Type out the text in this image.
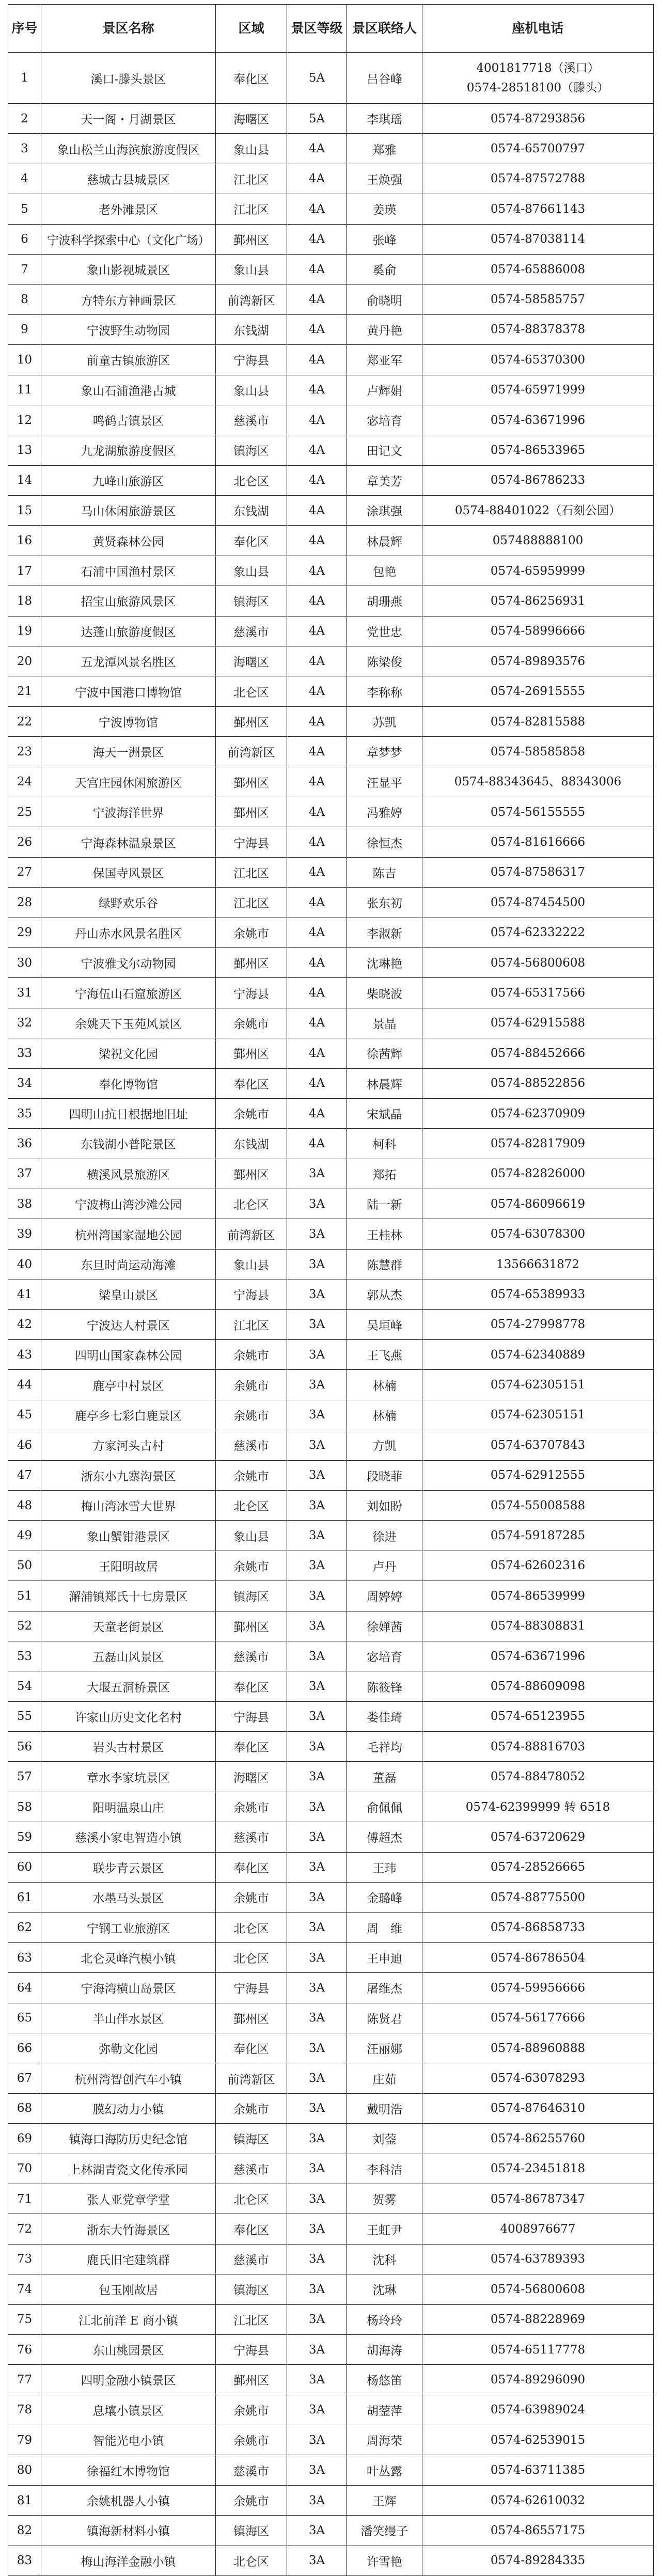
序号	景区名称	区域	景区等级	景区联络人	座机电话
1	溪口-滕头景区	奉化区	5A	吕谷峰	4001817718（溪口）
0574-28518100（滕头）

2	天一阁・月湖景区	海曙区	5A	李琪瑶	0574-87293856

3	象山松兰山海滨旅游度假区	象山县	4A	郑雅	0574-65700797

4	慈城古县城景区	江北区	4A	王焕强	0574-87572788

5	老外滩景区	江北区	4A	姜瑛	0574-87661143

6	宁波科学探索中心（文化广场）	鄞州区	4A	张峰	0574-87038114

7	象山影视城景区	象山县	4A	奚俞	0574-65886008

8	方特东方神画景区	前湾新区	4A	俞晓明	0574-58585757

9	宁波野生动物园	东钱湖	4A	黄丹艳	0574-88378378

10	前童古镇旅游区	宁海县	4A	郑亚军	0574-65370300

11	象山石浦渔港古城	象山县	4A	卢辉娟	0574-65971999

12	鸣鹤古镇景区	慈溪市	4A	宓培育	0574-63671996

13	九龙湖旅游度假区	镇海区	4A	田记文	0574-86533965

14	九峰山旅游区	北仑区	4A	章美芳	0574-86786233

15	马山休闲旅游景区	东钱湖	4A	涂琪强	0574-88401022（石刻公园）

16	黄贤森林公园	奉化区	4A	林晨辉	057488888100

17	石浦中国渔村景区	象山县	4A	包艳	0574-65959999

18	招宝山旅游风景区	镇海区	4A	胡珊燕	0574-86256931

19	达蓬山旅游度假区	慈溪市	4A	党世忠	0574-58996666

20	五龙潭风景名胜区	海曙区	4A	陈梁俊	0574-89893576

21	宁波中国港口博物馆	北仑区	4A	李称称	0574-26915555

22	宁波博物馆	鄞州区	4A	苏凯	0574-82815588

23	海天一洲景区	前湾新区	4A	章梦梦	0574-58585858

24	天宫庄园休闲旅游区	鄞州区	4A	汪显平	0574-88343645、88343006

25	宁波海洋世界	鄞州区	4A	冯雅婷	0574-56155555

26	宁海森林温泉景区	宁海县	4A	徐恒杰	0574-81616666

27	保国寺风景区	江北区	4A	陈吉	0574-87586317

28	绿野欢乐谷	江北区	4A	张东初	0574-87454500

29	丹山赤水风景名胜区	余姚市	4A	李淑新	0574-62332222

30	宁波雅戈尔动物园	鄞州区	4A	沈琳艳	0574-56800608

31	宁海伍山石窟旅游区	宁海县	4A	柴晓波	0574-65317566

32	余姚天下玉苑风景区	余姚市	4A	景晶	0574-62915588

33	梁祝文化园	鄞州区	4A	徐茜辉	0574-88452666

34	奉化博物馆	奉化区	4A	林晨辉	0574-88522856

35	四明山抗日根据地旧址	余姚市	4A	宋斌晶	0574-62370909

36	东钱湖小普陀景区	东钱湖	4A	柯科	0574-82817909

37	横溪风景旅游区	鄞州区	3A	郑拓	0574-82826000

38	宁波梅山湾沙滩公园	北仑区	3A	陆一新	0574-86096619

39	杭州湾国家湿地公园	前湾新区	3A	王桂林	0574-63078300

40	东旦时尚运动海滩	象山县	3A	陈慧群	13566631872

41	梁皇山景区	宁海县	3A	郭从杰	0574-65389933

42	宁波达人村景区	江北区	3A	吴垣峰	0574-27998778

43	四明山国家森林公园	余姚市	3A	王飞燕	0574-62340889

44	鹿亭中村景区	余姚市	3A	林楠	0574-62305151

45	鹿亭乡七彩白鹿景区	余姚市	3A	林楠	0574-62305151

46	方家河头古村	慈溪市	3A	方凯	0574-63707843

47	浙东小九寨沟景区	余姚市	3A	段晓菲	0574-62912555

48	梅山湾冰雪大世界	北仑区	3A	刘如盼	0574-55008588

49	象山蟹钳港景区	象山县	3A	徐进	0574-59187285

50	王阳明故居	余姚市	3A	卢丹	0574-62602316

51	澥浦镇郑氏十七房景区	镇海区	3A	周婷婷	0574-86539999

52	天童老街景区	鄞州区	3A	徐婵茜	0574-88308831

53	五磊山风景区	慈溪市	3A	宓培育	0574-63671996

54	大堰五洞桥景区	奉化区	3A	陈筱锋	0574-88609098

55	许家山历史文化名村	宁海县	3A	娄佳琦	0574-65123955

56	岩头古村景区	奉化区	3A	毛祥均	0574-88816703

57	章水李家坑景区	海曙区	3A	董磊	0574-88478052

58	阳明温泉山庄	余姚市	3A	俞佩佩	0574-62399999 转 6518

59	慈溪小家电智造小镇	慈溪市	3A	傅超杰	0574-63720629

60	联步青云景区	奉化区	3A	王玮	0574-28526665

61	水墨马头景区	余姚市	3A	金璐峰	0574-88775500

62	宁钢工业旅游区	北仑区	3A	周　维	0574-86858733

63	北仑灵峰汽模小镇	北仑区	3A	王申迪	0574-86786504

64	宁海湾横山岛景区	宁海县	3A	屠维杰	0574-59956666

65	半山伴水景区	鄞州区	3A	陈贤君	0574-56177666

66	弥勒文化园	奉化区	3A	汪丽娜	0574-88960888

67	杭州湾智创汽车小镇	前湾新区	3A	庄茹	0574-63078293

68	膜幻动力小镇	余姚市	3A	戴明浩	0574-87646310

69	镇海口海防历史纪念馆	镇海区	3A	刘蓥	0574-86255760

70	上林湖青瓷文化传承园	慈溪市	3A	李科洁	0574-23451818

71	张人亚党章学堂	北仑区	3A	贺雾	0574-86787347

72	浙东大竹海景区	奉化区	3A	王虹尹	4008976677

73	鹿氏旧宅建筑群	慈溪市	3A	沈科	0574-63789393

74	包玉刚故居	镇海区	3A	沈琳	0574-56800608

75	江北前洋 E 商小镇	江北区	3A	杨玲玲	0574-88228969

76	东山桃园景区	宁海县	3A	胡海涛	0574-65117778

77	四明金融小镇景区	鄞州区	3A	杨悠笛	0574-89296090

78	息壤小镇景区	余姚市	3A	胡蓥萍	0574-63989024

79	智能光电小镇	余姚市	3A	周海荣	0574-62539015

80	徐福红木博物馆	慈溪市	3A	叶丛露	0574-63711385

81	余姚机器人小镇	余姚市	3A	王辉	0574-62610032

82	镇海新材料小镇	镇海区	3A	潘笑缦子	0574-86557175

83	梅山海洋金融小镇	北仑区	3A	许雪艳	0574-89284335
